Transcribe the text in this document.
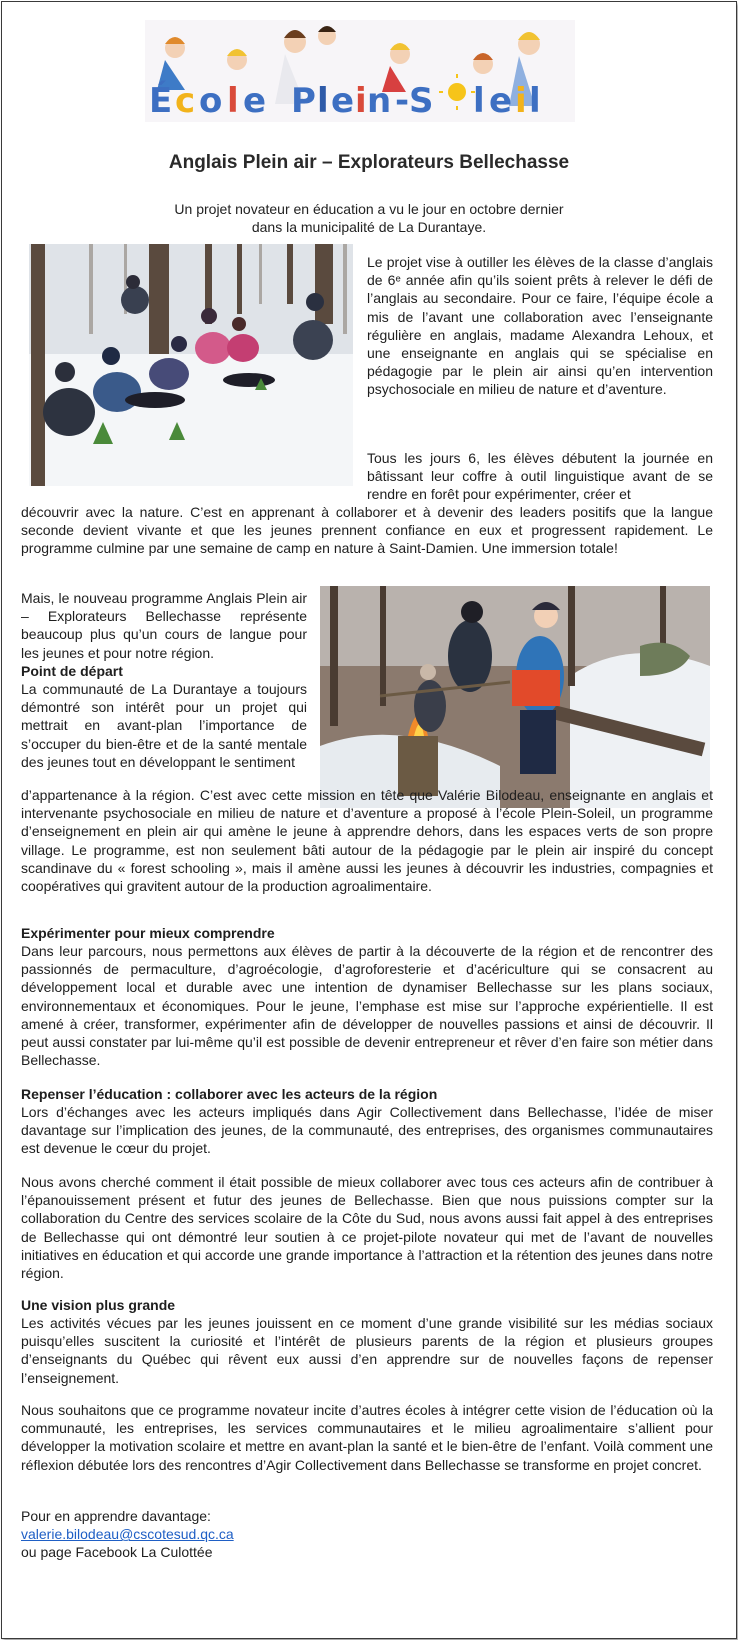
É c o l e P l e i n - S l e i l
Anglais Plein air – Explorateurs Bellechasse
Un projet novateur en éducation a vu le jour en octobre dernier
dans la municipalité de La Durantaye.
Le projet vise à outiller les élèves de la classe d’anglais de 6ᵉ année afin qu’ils soient prêts à relever le défi de l’anglais au secondaire. Pour ce faire, l’équipe école a mis de l’avant une collaboration avec l’enseignante régulière en anglais, madame Alexandra Lehoux, et une enseignante en anglais qui se spécialise en pédagogie par le plein air ainsi qu’en intervention psychosociale en milieu de nature et d’aventure.
Tous les jours 6, les élèves débutent la journée en bâtissant leur coffre à outil linguistique avant de se rendre en forêt pour expérimenter, créer et
découvrir avec la nature. C’est en apprenant à collaborer et à devenir des leaders positifs que la langue seconde devient vivante et que les jeunes prennent confiance en eux et progressent rapidement. Le programme culmine par une semaine de camp en nature à Saint-Damien. Une immersion totale!
Mais, le nouveau programme Anglais Plein air – Explorateurs Bellechasse représente beaucoup plus qu’un cours de langue pour les jeunes et pour notre région.
Point de départ
La communauté de La Durantaye a toujours démontré son intérêt pour un projet qui mettrait en avant-plan l’importance de s’occuper du bien-être et de la santé mentale des jeunes tout en développant le sentiment
d’appartenance à la région. C’est avec cette mission en tête que Valérie Bilodeau, enseignante en anglais et intervenante psychosociale en milieu de nature et d’aventure a proposé à l’école Plein-Soleil, un programme d’enseignement en plein air qui amène le jeune à apprendre dehors, dans les espaces verts de son propre village. Le programme, est non seulement bâti autour de la pédagogie par le plein air inspiré du concept scandinave du « forest schooling », mais il amène aussi les jeunes à découvrir les industries, compagnies et coopératives qui gravitent autour de la production agroalimentaire.
Expérimenter pour mieux comprendre
Dans leur parcours, nous permettons aux élèves de partir à la découverte de la région et de rencontrer des passionnés de permaculture, d’agroécologie, d’agroforesterie et d’acériculture qui se consacrent au développement local et durable avec une intention de dynamiser Bellechasse sur les plans sociaux, environnementaux et économiques. Pour le jeune, l’emphase est mise sur l’approche expérientielle. Il est amené à créer, transformer, expérimenter afin de développer de nouvelles passions et ainsi de découvrir. Il peut aussi constater par lui-même qu’il est possible de devenir entrepreneur et rêver d’en faire son métier dans Bellechasse.
Repenser l’éducation : collaborer avec les acteurs de la région
Lors d’échanges avec les acteurs impliqués dans Agir Collectivement dans Bellechasse, l’idée de miser davantage sur l’implication des jeunes, de la communauté, des entreprises, des organismes communautaires est devenue le cœur du projet.
Nous avons cherché comment il était possible de mieux collaborer avec tous ces acteurs afin de contribuer à l’épanouissement présent et futur des jeunes de Bellechasse. Bien que nous puissions compter sur la collaboration du Centre des services scolaire de la Côte du Sud, nous avons aussi fait appel à des entreprises de Bellechasse qui ont démontré leur soutien à ce projet-pilote novateur qui met de l’avant de nouvelles initiatives en éducation et qui accorde une grande importance à l’attraction et la rétention des jeunes dans notre région.
Une vision plus grande
Les activités vécues par les jeunes jouissent en ce moment d’une grande visibilité sur les médias sociaux puisqu’elles suscitent la curiosité et l’intérêt de plusieurs parents de la région et plusieurs groupes d’enseignants du Québec qui rêvent eux aussi d’en apprendre sur de nouvelles façons de repenser l’enseignement.
Nous souhaitons que ce programme novateur incite d’autres écoles à intégrer cette vision de l’éducation où la communauté, les entreprises, les services communautaires et le milieu agroalimentaire s’allient pour développer la motivation scolaire et mettre en avant-plan la santé et le bien-être de l’enfant. Voilà comment une réflexion débutée lors des rencontres d’Agir Collectivement dans Bellechasse se transforme en projet concret.
Pour en apprendre davantage:
valerie.bilodeau@cscotesud.qc.ca
ou page Facebook La Culottée
